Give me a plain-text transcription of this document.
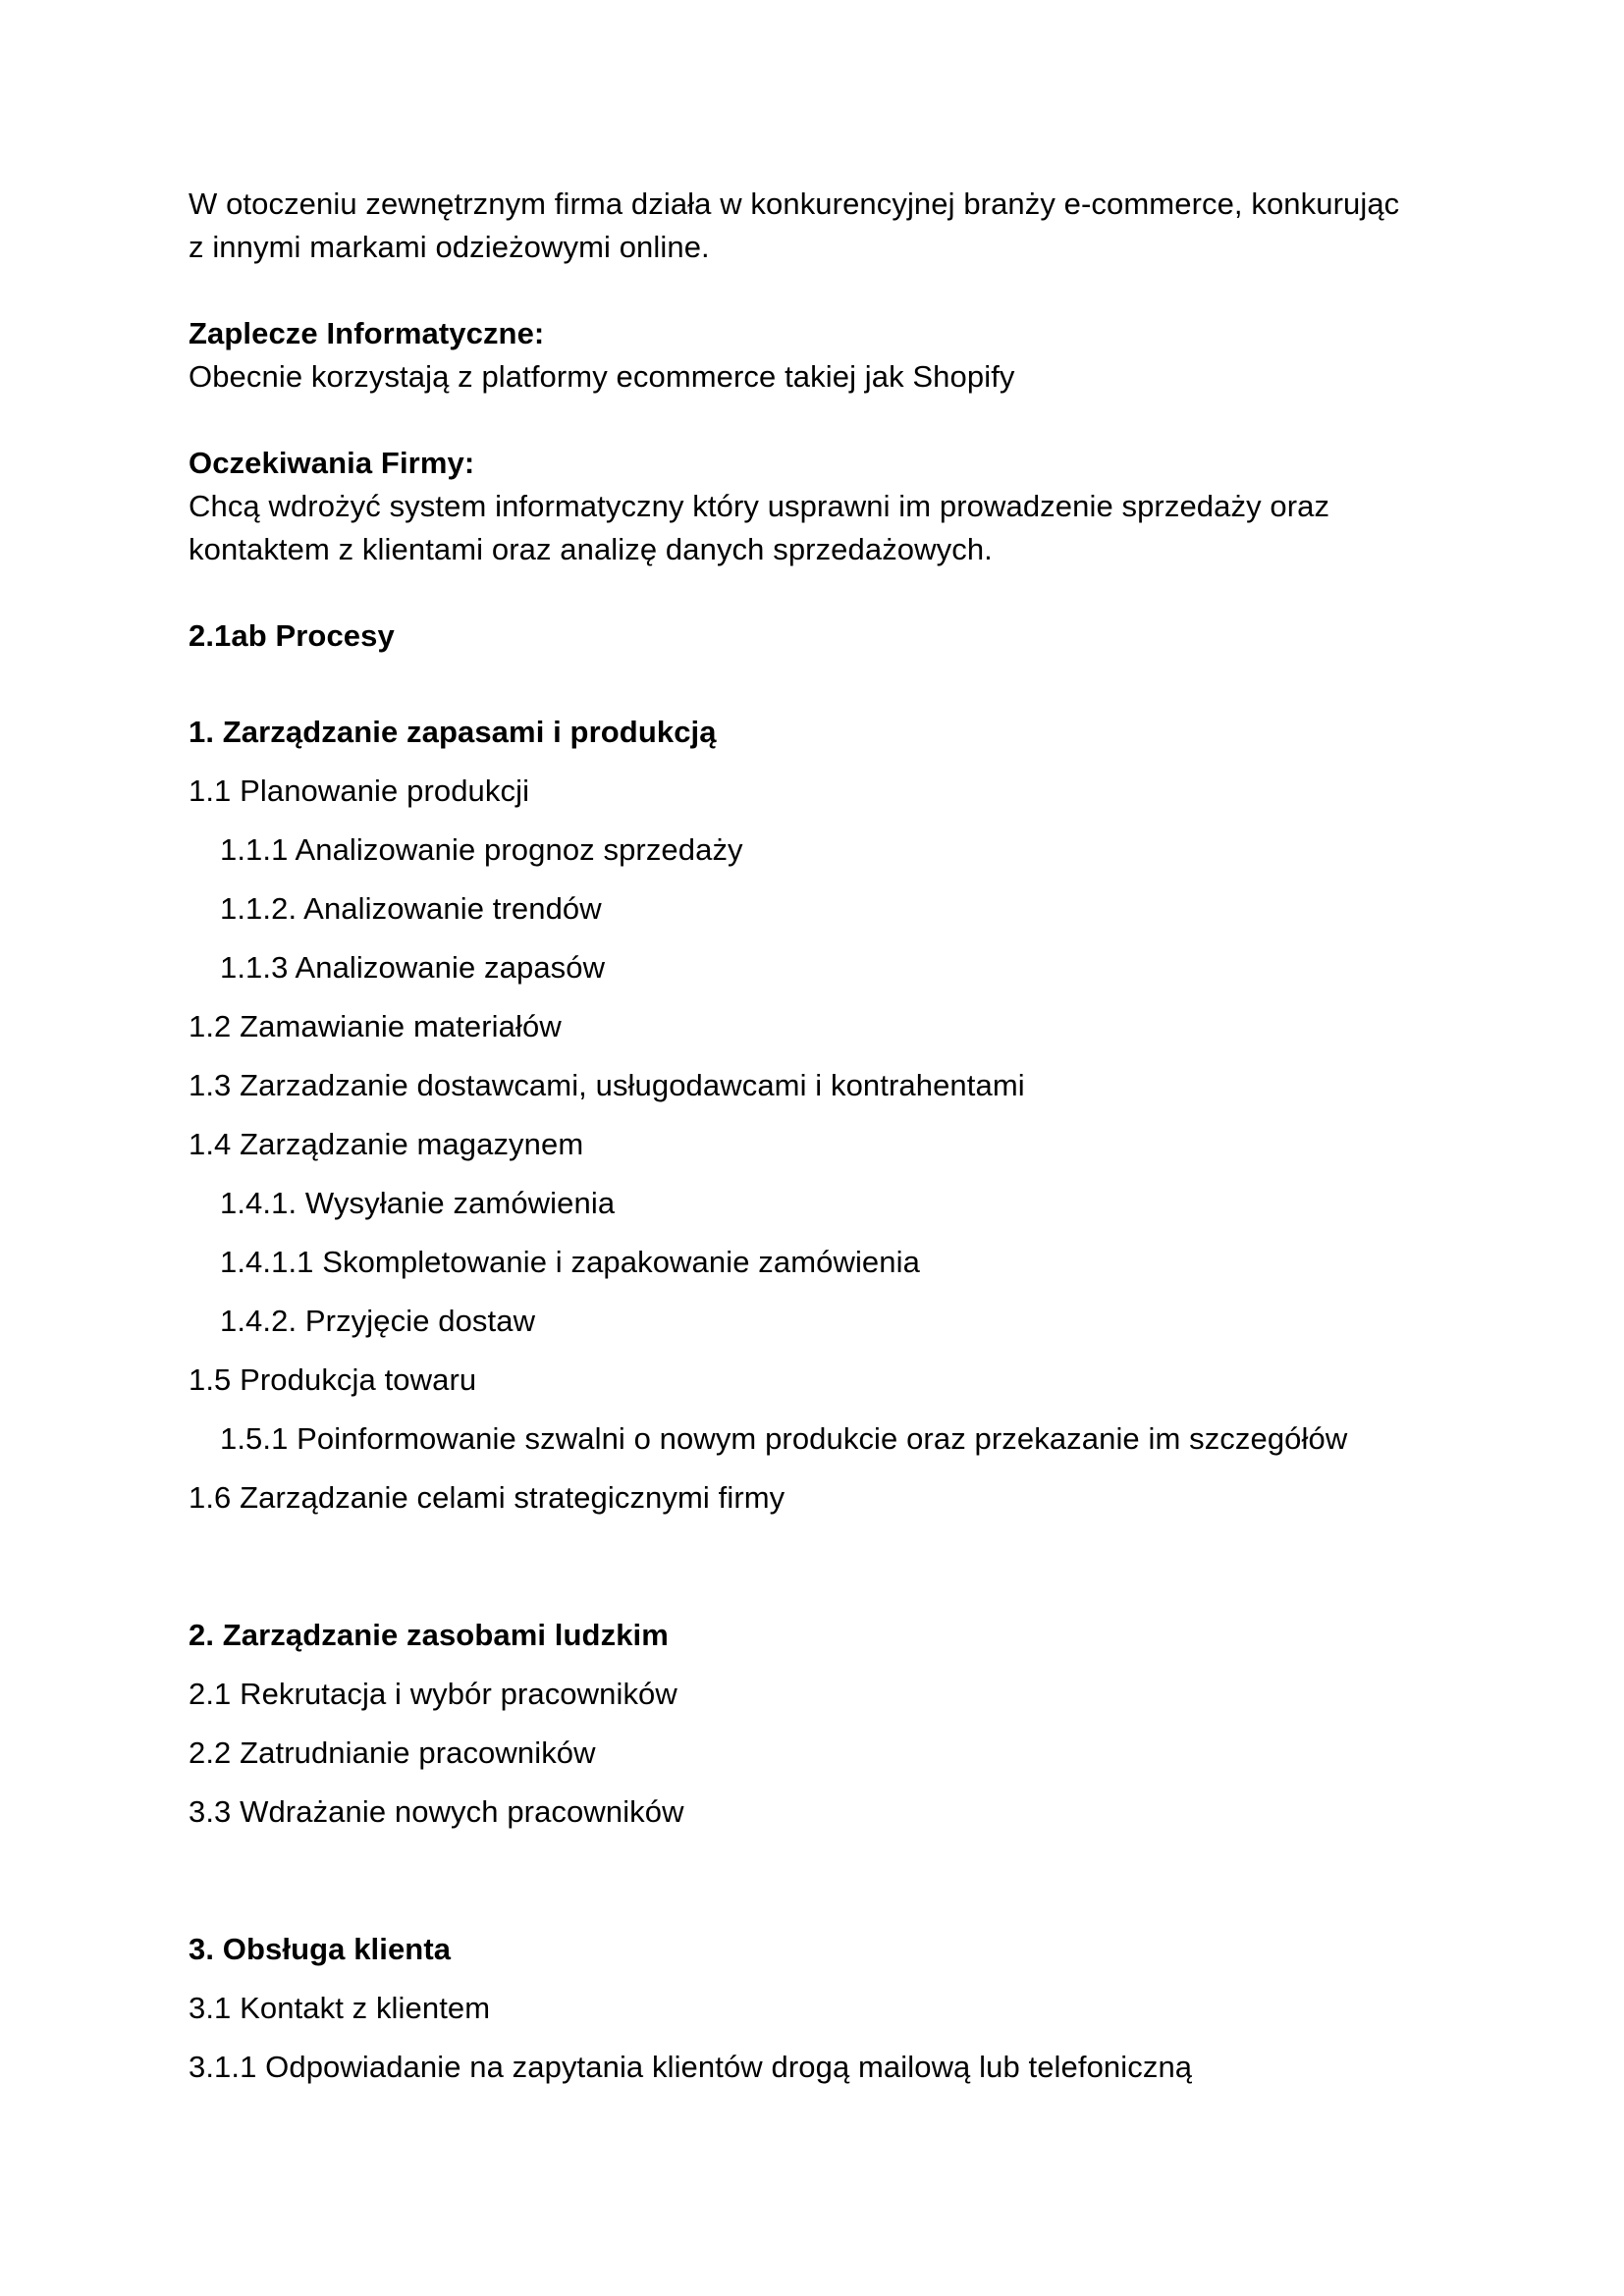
W otoczeniu zewnętrznym firma działa w konkurencyjnej branży e-commerce, konkurując z innymi markami odzieżowymi online.

Zaplecze Informatyczne:

Obecnie korzystają z platformy ecommerce takiej jak Shopify

Oczekiwania Firmy:

Chcą wdrożyć system informatyczny który usprawni im prowadzenie sprzedaży oraz kontaktem z klientami oraz analizę danych sprzedażowych.

2.1ab Procesy
1. Zarządzanie zapasami i produkcją

1.1 Planowanie produkcji

1.1.1 Analizowanie prognoz sprzedaży

1.1.2. Analizowanie trendów

1.1.3 Analizowanie zapasów

1.2 Zamawianie materiałów

1.3 Zarzadzanie dostawcami, usługodawcami i kontrahentami

1.4 Zarządzanie magazynem

1.4.1. Wysyłanie zamówienia

1.4.1.1 Skompletowanie i zapakowanie zamówienia

1.4.2. Przyjęcie dostaw

1.5 Produkcja towaru

1.5.1 Poinformowanie szwalni o nowym produkcie oraz przekazanie im szczegółów

1.6 Zarządzanie celami strategicznymi firmy

2. Zarządzanie zasobami ludzkim

2.1 Rekrutacja i wybór pracowników

2.2 Zatrudnianie pracowników

3.3 Wdrażanie nowych pracowników

3. Obsługa klienta

3.1 Kontakt z klientem

3.1.1 Odpowiadanie na zapytania klientów drogą mailową lub telefoniczną
